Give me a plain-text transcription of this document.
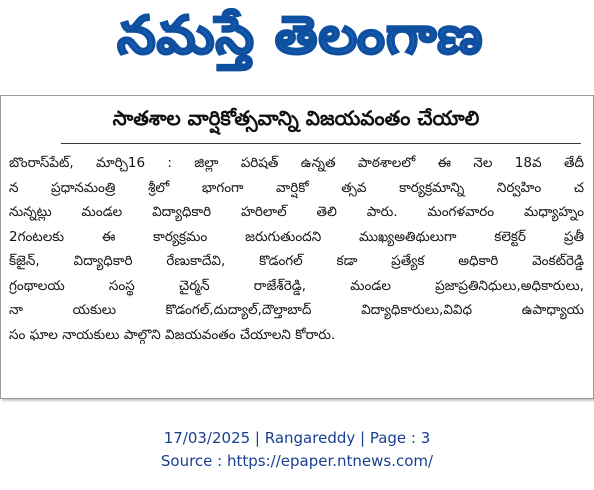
నమస్తే తెలంగాణ
సాతశాల వార్షికోత్సవాన్ని విజయవంతం చేయాలి
బొంరాస్‌పేట్, మార్చి16 : జిల్లా పరిషత్ ఉన్నత పాఠశాలలో ఈ నెల 18వ తేదీ
న ప్రధానమంత్రి శ్రీలో భాగంగా వార్షికో త్సవ కార్యక్రమాన్ని నిర్వహిం చ
నున్నట్లు మండల విద్యాధికారి హరిలాల్ తెలి పారు. మంగళవారం మధ్యాహ్నం
2గంటలకు ఈ కార్యక్రమం జరుగుతుందని ముఖ్యఅతిథులుగా కలెక్టర్ ప్రతీ
క్‌జైన్, విద్యాధికారి రేణుకాదేవి, కొడంగల్ కడా ప్రత్యేక అధికారి వెంకట్‌రెడ్డి
గ్రంథాలయ సంస్థ చైర్మన్ రాజేశ్‌రెడ్డి, మండల ప్రజాప్రతినిధులు,అధికారులు,
నా యకులు కొడంగల్,దుద్యాల్,దౌల్తాబాద్ విద్యాధికారులు,వివిధ ఉపాధ్యాయ
సం ఘాల నాయకులు పాల్గొని విజయవంతం చేయాలని కోరారు.
17/03/2025 | Rangareddy | Page : 3
Source : https://epaper.ntnews.com/
